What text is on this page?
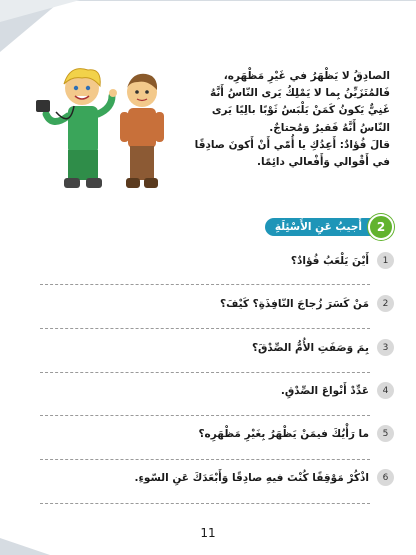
الصادِقُ لا يَظْهَرُ في غَيْرِ مَظْهَرِه،

فَالمُتَزَيِّنُ بِما لا يَمْلِكُ يَرى النّاسُ أَنَّهُ

غَنِيٌّ يَكونُ كَمَنْ يَلْبَسُ ثَوْبًا بالِيًا يَرى

النّاسُ أَنَّهُ فَقيرٌ وَمُحتاجٌ.

قالَ فُؤادٌ: أَعِدُكِ يا أُمّي أَنْ أَكونَ صادِقًا

في أَقْوالي وَأَفْعالي دائِمًا.

2
أُجيبُ عَنِ الأَسْئِلَةِ
1
أَيْنَ يَلْعَبُ فُؤادٌ؟
2
مَنْ كَسَرَ زُجاجَ النّافِذَةِ؟ كَيْفَ؟
3
بِمَ وَصَفَتِ الأُمُّ الصِّدْقَ؟
4
عَدِّدْ أَنْواعَ الصِّدْقِ.
5
ما رَأْيُكَ فيمَنْ يَظْهَرُ بِغَيْرِ مَظْهَرِه؟
6
اذْكُرْ مَوْقِفًا كُنْتَ فيهِ صادِقًا وَأَبْعَدَكَ عَنِ السّوءِ.
11
